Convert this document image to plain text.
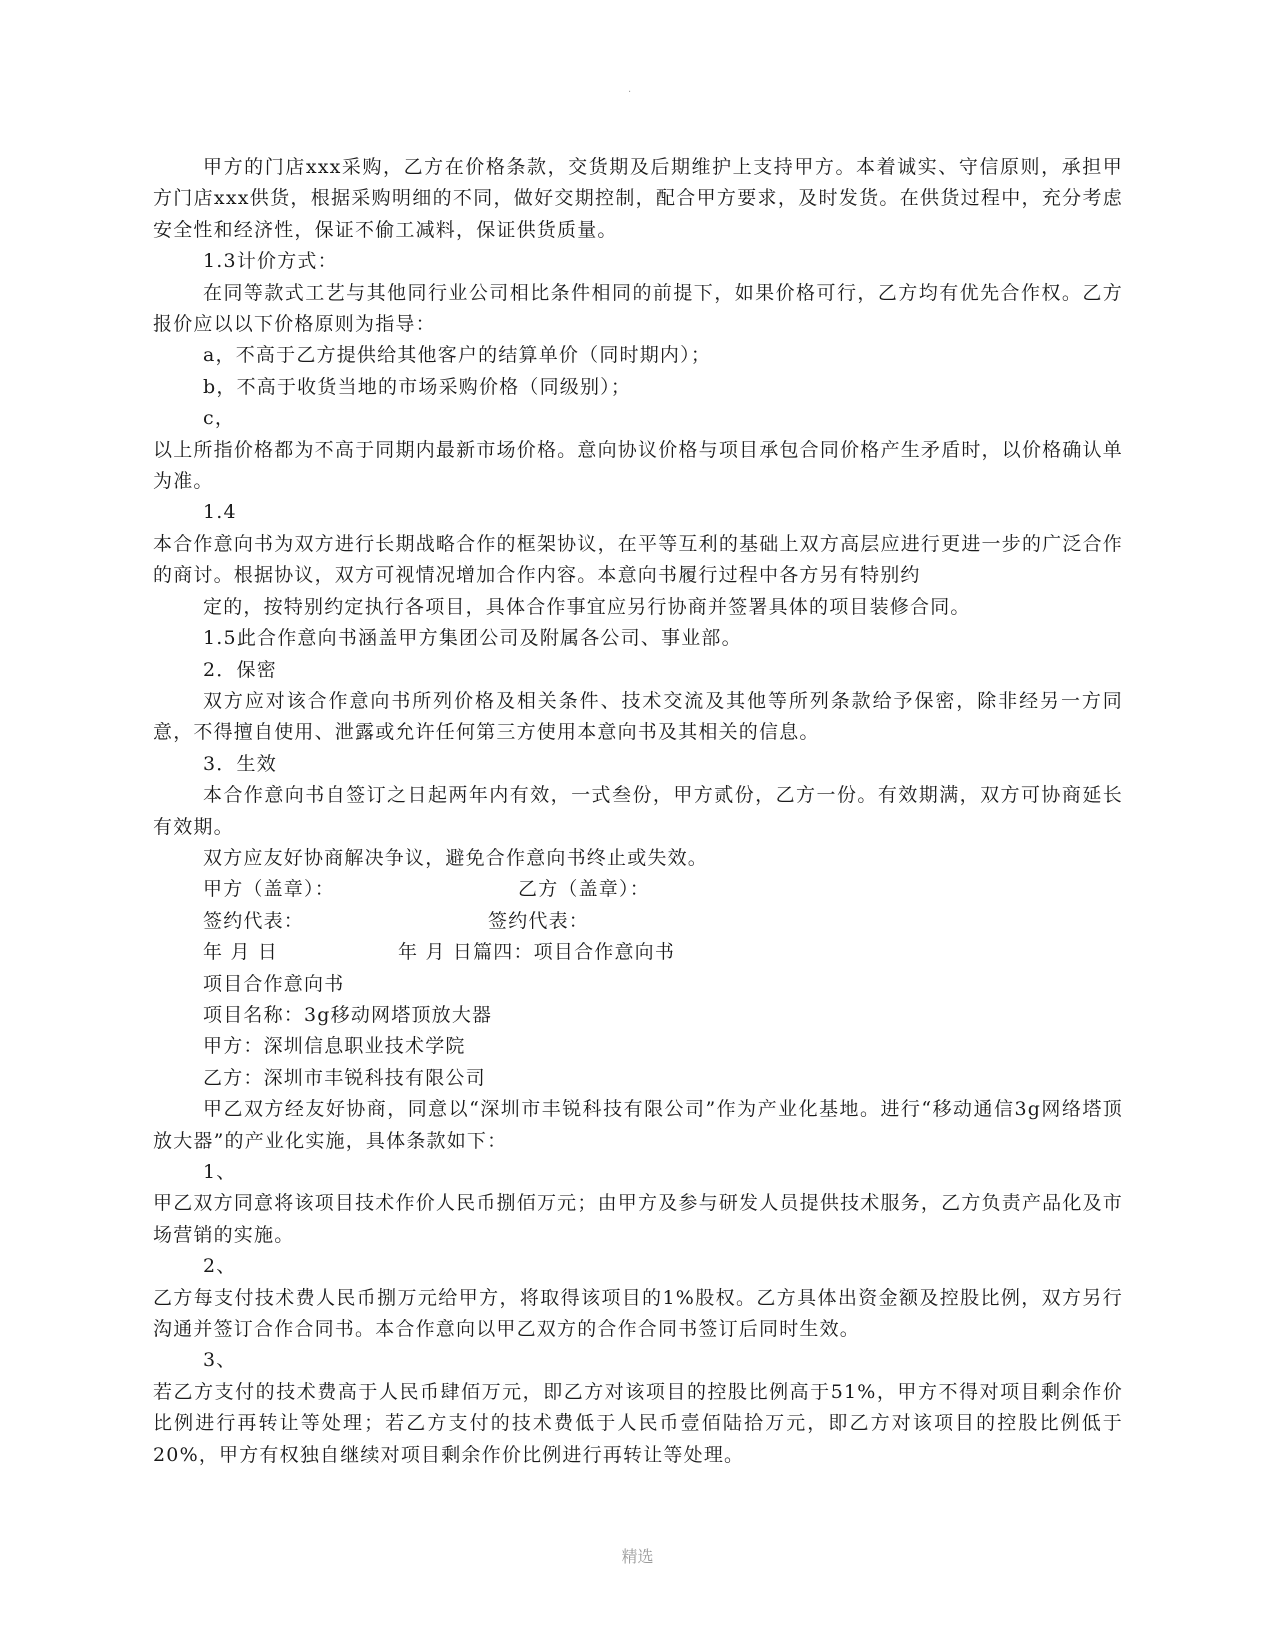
.

甲方的门店xxx采购，乙方在价格条款，交货期及后期维护上支持甲方。本着诚实、守信原则，承担甲方门店xxx供货，根据采购明细的不同，做好交期控制，配合甲方要求，及时发货。在供货过程中，充分考虑安全性和经济性，保证不偷工减料，保证供货质量。

1.3计价方式：

在同等款式工艺与其他同行业公司相比条件相同的前提下，如果价格可行，乙方均有优先合作权。乙方报价应以以下价格原则为指导：

a，不高于乙方提供给其他客户的结算单价（同时期内）；

b，不高于收货当地的市场采购价格（同级别）；

c，

以上所指价格都为不高于同期内最新市场价格。意向协议价格与项目承包合同价格产生矛盾时，以价格确认单为准。

1.4

本合作意向书为双方进行长期战略合作的框架协议，在平等互利的基础上双方高层应进行更进一步的广泛合作的商讨。根据协议，双方可视情况增加合作内容。本意向书履行过程中各方另有特别约

定的，按特别约定执行各项目，具体合作事宜应另行协商并签署具体的项目装修合同。

1.5此合作意向书涵盖甲方集团公司及附属各公司、事业部。

2．保密

双方应对该合作意向书所列价格及相关条件、技术交流及其他等所列条款给予保密，除非经另一方同意，不得擅自使用、泄露或允许任何第三方使用本意向书及其相关的信息。

3．生效

本合作意向书自签订之日起两年内有效，一式叁份，甲方贰份，乙方一份。有效期满，双方可协商延长有效期。

双方应友好协商解决争议，避免合作意向书终止或失效。

甲方（盖章）：	乙方（盖章）：
签约代表：	签约代表：
年 月 日	年 月 日篇四：项目合作意向书

项目合作意向书

项目名称：3g移动网塔顶放大器

甲方：深圳信息职业技术学院

乙方：深圳市丰锐科技有限公司

甲乙双方经友好协商，同意以“深圳市丰锐科技有限公司”作为产业化基地。进行“移动通信3g网络塔顶放大器”的产业化实施，具体条款如下：

1、

甲乙双方同意将该项目技术作价人民币捌佰万元；由甲方及参与研发人员提供技术服务，乙方负责产品化及市场营销的实施。

2、

乙方每支付技术费人民币捌万元给甲方，将取得该项目的1%股权。乙方具体出资金额及控股比例，双方另行沟通并签订合作合同书。本合作意向以甲乙双方的合作合同书签订后同时生效。

3、

若乙方支付的技术费高于人民币肆佰万元，即乙方对该项目的控股比例高于51%，甲方不得对项目剩余作价比例进行再转让等处理；若乙方支付的技术费低于人民币壹佰陆拾万元，即乙方对该项目的控股比例低于20%，甲方有权独自继续对项目剩余作价比例进行再转让等处理。

精选
